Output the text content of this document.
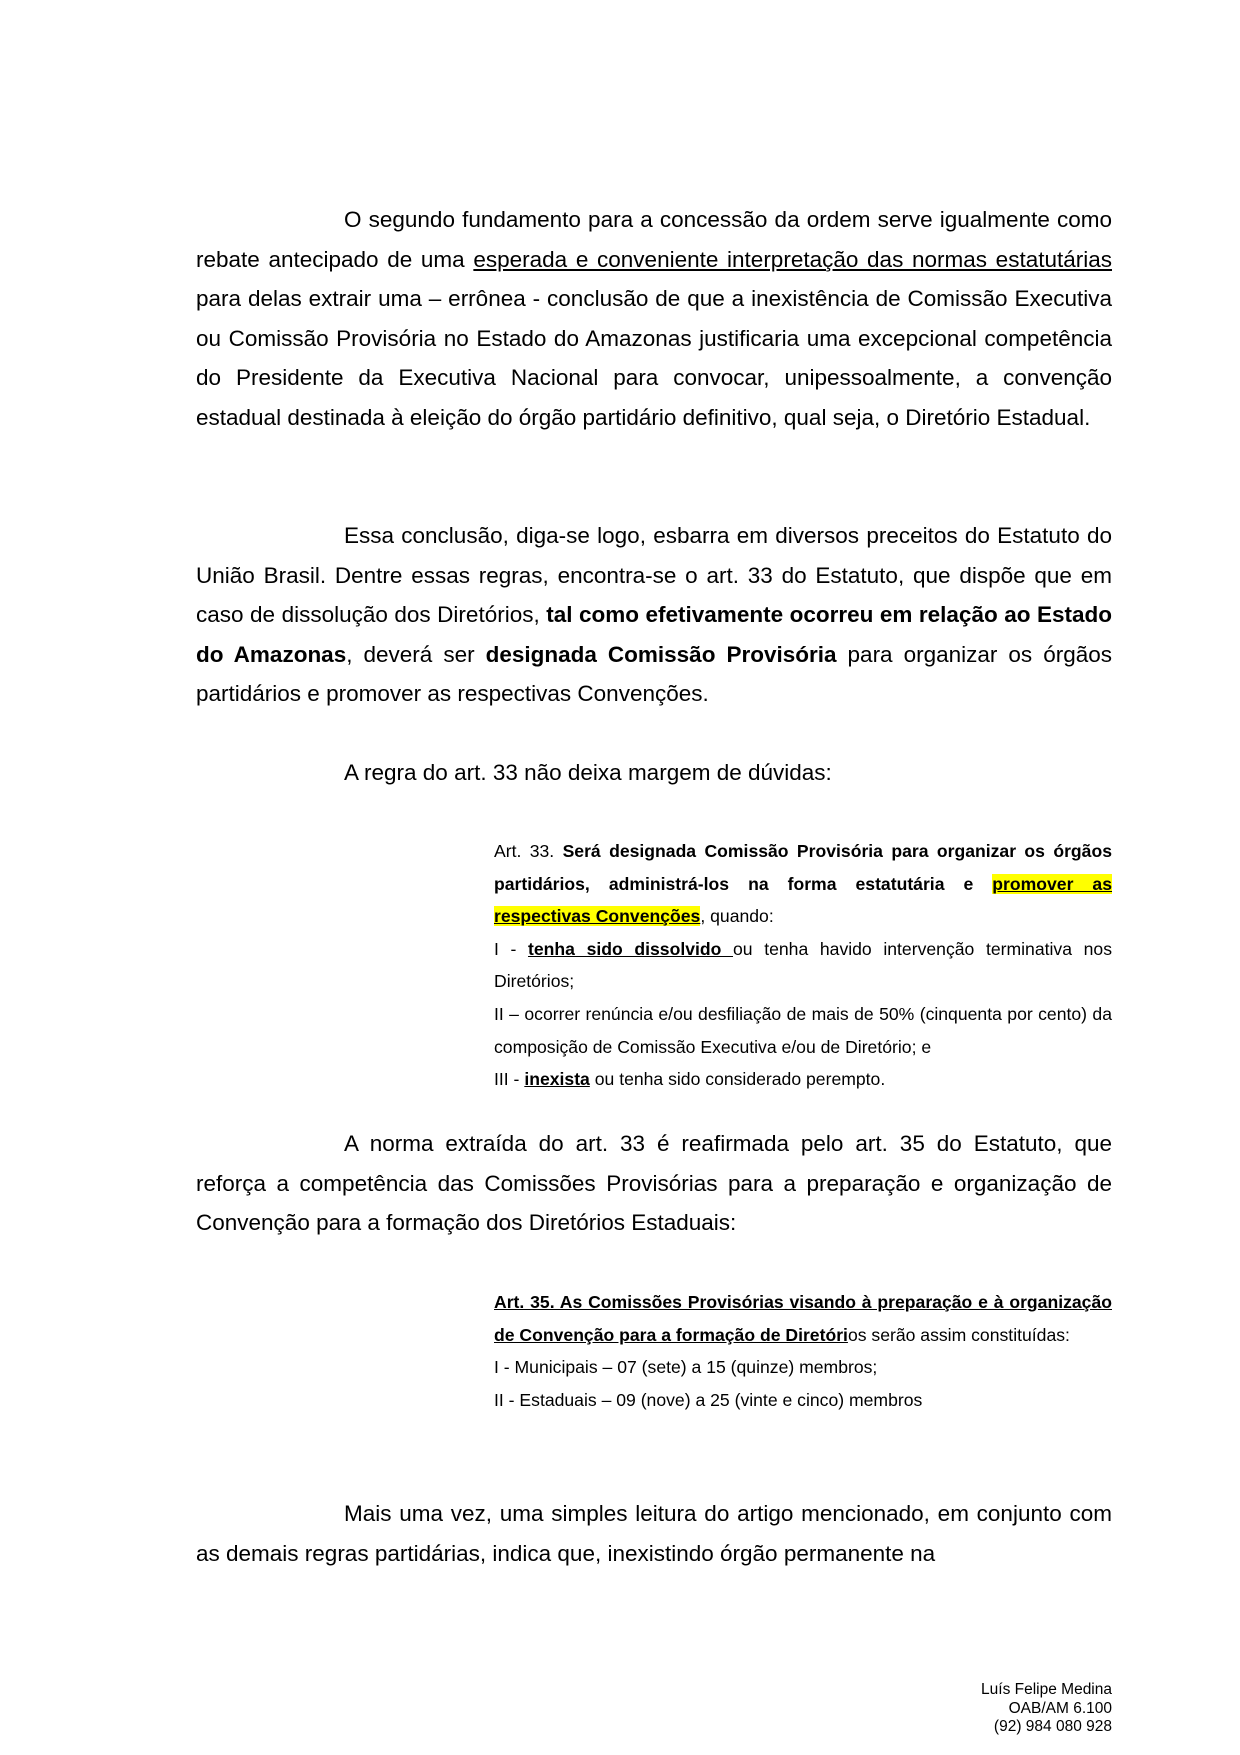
O segundo fundamento para a concessão da ordem serve igualmente como rebate antecipado de uma esperada e conveniente interpretação das normas estatutárias para delas extrair uma – errônea - conclusão de que a inexistência de Comissão Executiva ou Comissão Provisória no Estado do Amazonas justificaria uma excepcional competência do Presidente da Executiva Nacional para convocar, unipessoalmente, a convenção estadual destinada à eleição do órgão partidário definitivo, qual seja, o Diretório Estadual.

Essa conclusão, diga-se logo, esbarra em diversos preceitos do Estatuto do União Brasil. Dentre essas regras, encontra-se o art. 33 do Estatuto, que dispõe que em caso de dissolução dos Diretórios, tal como efetivamente ocorreu em relação ao Estado do Amazonas, deverá ser designada Comissão Provisória para organizar os órgãos partidários e promover as respectivas Convenções.

A regra do art. 33 não deixa margem de dúvidas:

Art. 33. Será designada Comissão Provisória para organizar os órgãos partidários, administrá-los na forma estatutária e promover as respectivas Convenções, quando:
I - tenha sido dissolvido ou tenha havido intervenção terminativa nos Diretórios;
II – ocorrer renúncia e/ou desfiliação de mais de 50% (cinquenta por cento) da composição de Comissão Executiva e/ou de Diretório; e
III - inexista ou tenha sido considerado perempto.

A norma extraída do art. 33 é reafirmada pelo art. 35 do Estatuto, que reforça a competência das Comissões Provisórias para a preparação e organização de Convenção para a formação dos Diretórios Estaduais:

Art. 35. As Comissões Provisórias visando à preparação e à organização de Convenção para a formação de Diretórios serão assim constituídas:
I - Municipais – 07 (sete) a 15 (quinze) membros;
II - Estaduais – 09 (nove) a 25 (vinte e cinco) membros

Mais uma vez, uma simples leitura do artigo mencionado, em conjunto com as demais regras partidárias, indica que, inexistindo órgão permanente na

Luís Felipe Medina
OAB/AM 6.100
(92) 984 080 928
